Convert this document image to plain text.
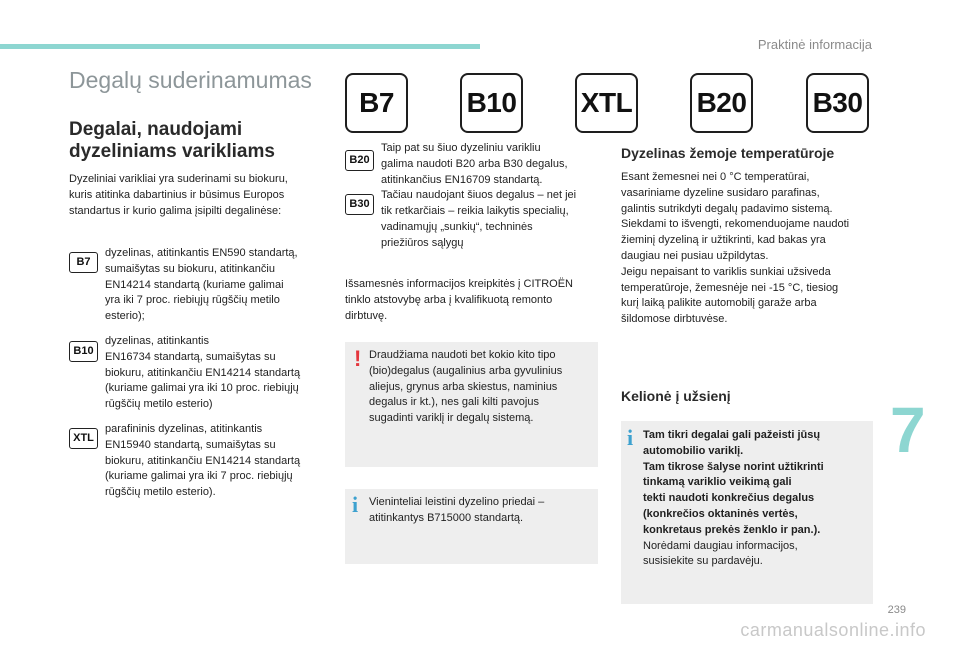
Praktinė informacija
Degalų suderinamumas
B7	B10 XTL B20 B30
Degalai, naudojami
dyzeliniams varikliams
Dyzeliniai varikliai yra suderinami su biokuru,
kuris atitinka dabartinius ir būsimus Europos
standartus ir kurio galima įsipilti degalinėse:
B7
dyzelinas, atitinkantis EN590 standartą,
sumaišytas su biokuru, atitinkančiu
EN14214 standartą (kuriame galimai
yra iki 7 proc. riebiųjų rūgščių metilo
esterio);
B10
dyzelinas, atitinkantis
EN16734 standartą, sumaišytas su
biokuru, atitinkančiu EN14214 standartą
(kuriame galimai yra iki 10 proc. riebiųjų
rūgščių metilo esterio)
XTL
parafininis dyzelinas, atitinkantis
EN15940 standartą, sumaišytas su
biokuru, atitinkančiu EN14214 standartą
(kuriame galimai yra iki 7 proc. riebiųjų
rūgščių metilo esterio).
B20
B30
Taip pat su šiuo dyzeliniu varikliu
galima naudoti B20 arba B30 degalus,
atitinkančius EN16709 standartą.
Tačiau naudojant šiuos degalus – net jei
tik retkarčiais – reikia laikytis specialių,
vadinamųjų „sunkių“, techninės
priežiūros sąlygų
Išsamesnės informacijos kreipkitės į CITROËN
tinklo atstovybę arba į kvalifikuotą remonto
dirbtuvę.
! Draudžiama naudoti bet kokio kito tipo
(bio)degalus (augalinius arba gyvulinius
aliejus, grynus arba skiestus, naminius
degalus ir kt.), nes gali kilti pavojus
sugadinti variklį ir degalų sistemą.
i Vieninteliai leistini dyzelino priedai –
atitinkantys B715000 standartą.
Dyzelinas žemoje temperatūroje
Esant žemesnei nei 0 °C temperatūrai,
vasariniame dyzeline susidaro parafinas,
galintis sutrikdyti degalų padavimo sistemą.
Siekdami to išvengti, rekomenduojame naudoti
žieminį dyzeliną ir užtikrinti, kad bakas yra
daugiau nei pusiau užpildytas.
Jeigu nepaisant to variklis sunkiai užsiveda
temperatūroje, žemesnėje nei -15 °C, tiesiog
kurį laiką palikite automobilį garaže arba
šildomose dirbtuvėse.
Kelionė į užsienį
i Tam tikri degalai gali pažeisti jūsų
automobilio variklį.
Tam tikrose šalyse norint užtikrinti
tinkamą variklio veikimą gali
tekti naudoti konkrečius degalus
(konkrečios oktaninės vertės,
konkretaus prekės ženklo ir pan.).
Norėdami daugiau informacijos,
susisiekite su pardavėju.
7
239
carmanualsonline.info
